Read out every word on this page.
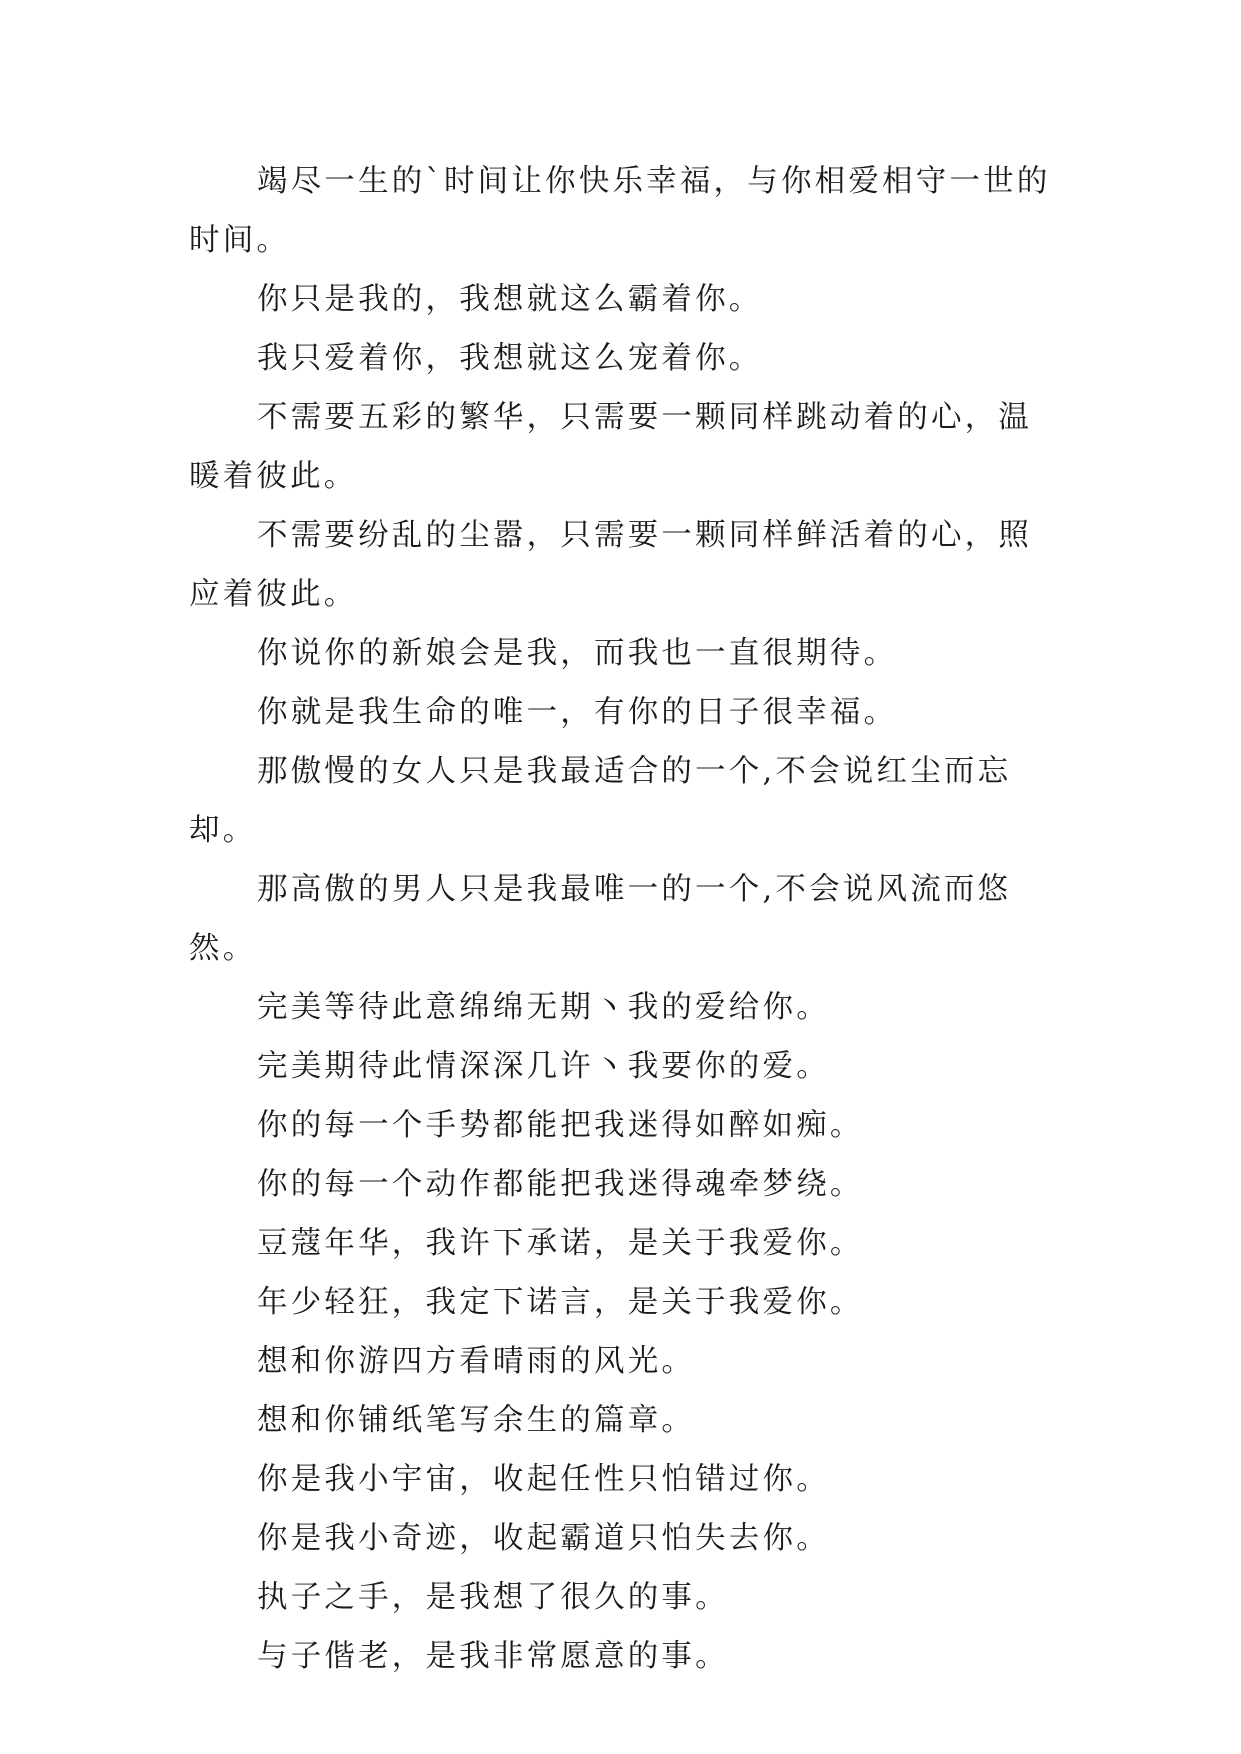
竭尽一生的`时间让你快乐幸福，与你相爱相守一世的时间。

你只是我的，我想就这么霸着你。

我只爱着你，我想就这么宠着你。

不需要五彩的繁华，只需要一颗同样跳动着的心，温暖着彼此。

不需要纷乱的尘嚣，只需要一颗同样鲜活着的心，照应着彼此。

你说你的新娘会是我，而我也一直很期待。

你就是我生命的唯一，有你的日子很幸福。

那傲慢的女人只是我最适合的一个,不会说红尘而忘却。

那高傲的男人只是我最唯一的一个,不会说风流而悠然。

完美等待此意绵绵无期丶我的爱给你。

完美期待此情深深几许丶我要你的爱。

你的每一个手势都能把我迷得如醉如痴。

你的每一个动作都能把我迷得魂牵梦绕。

豆蔻年华，我许下承诺，是关于我爱你。

年少轻狂，我定下诺言，是关于我爱你。

想和你游四方看晴雨的风光。

想和你铺纸笔写余生的篇章。

你是我小宇宙，收起任性只怕错过你。

你是我小奇迹，收起霸道只怕失去你。

执子之手，是我想了很久的事。

与子偕老，是我非常愿意的事。
